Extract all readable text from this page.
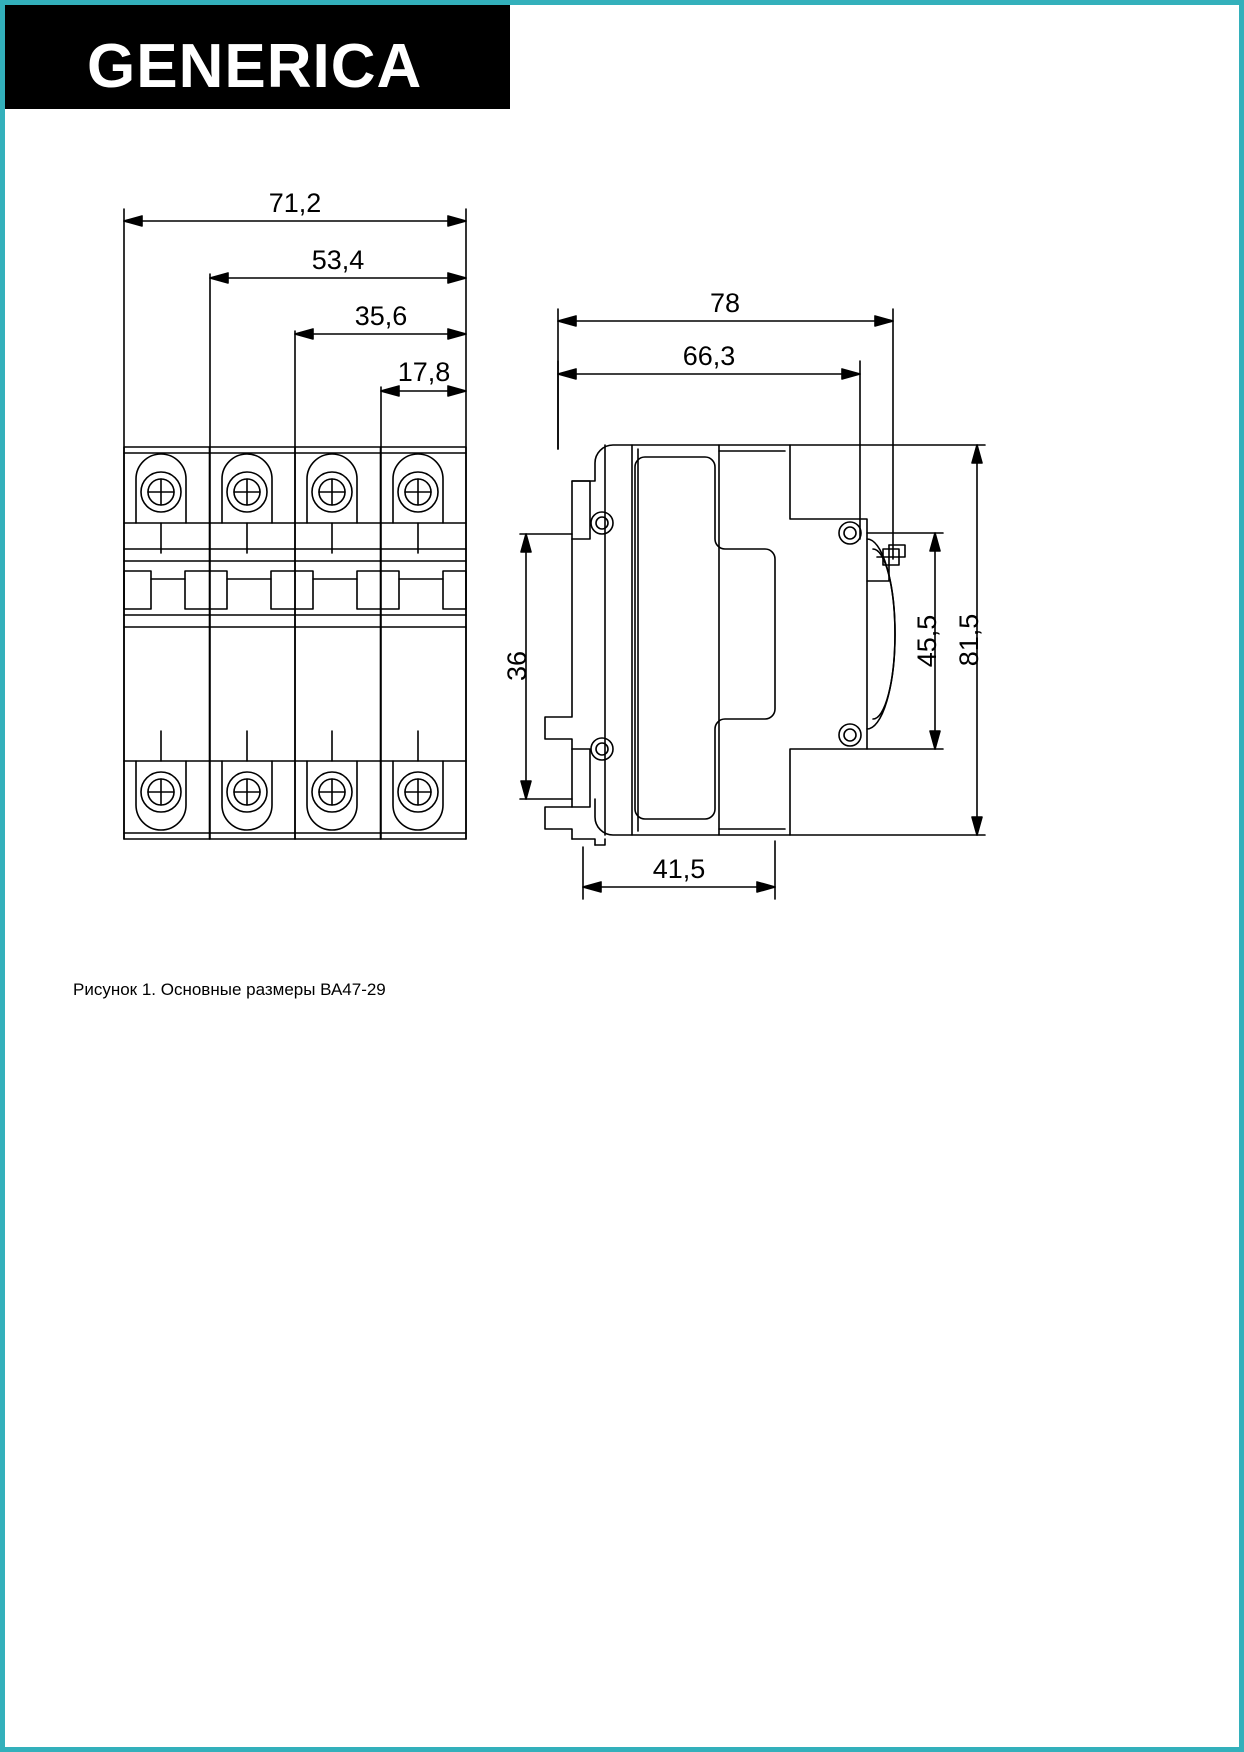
GENERICA
71,2
53,4
35,6
17,8
78
66,3
41,5
36	45,5 81,5
Рисунок 1. Основные размеры ВА47-29
